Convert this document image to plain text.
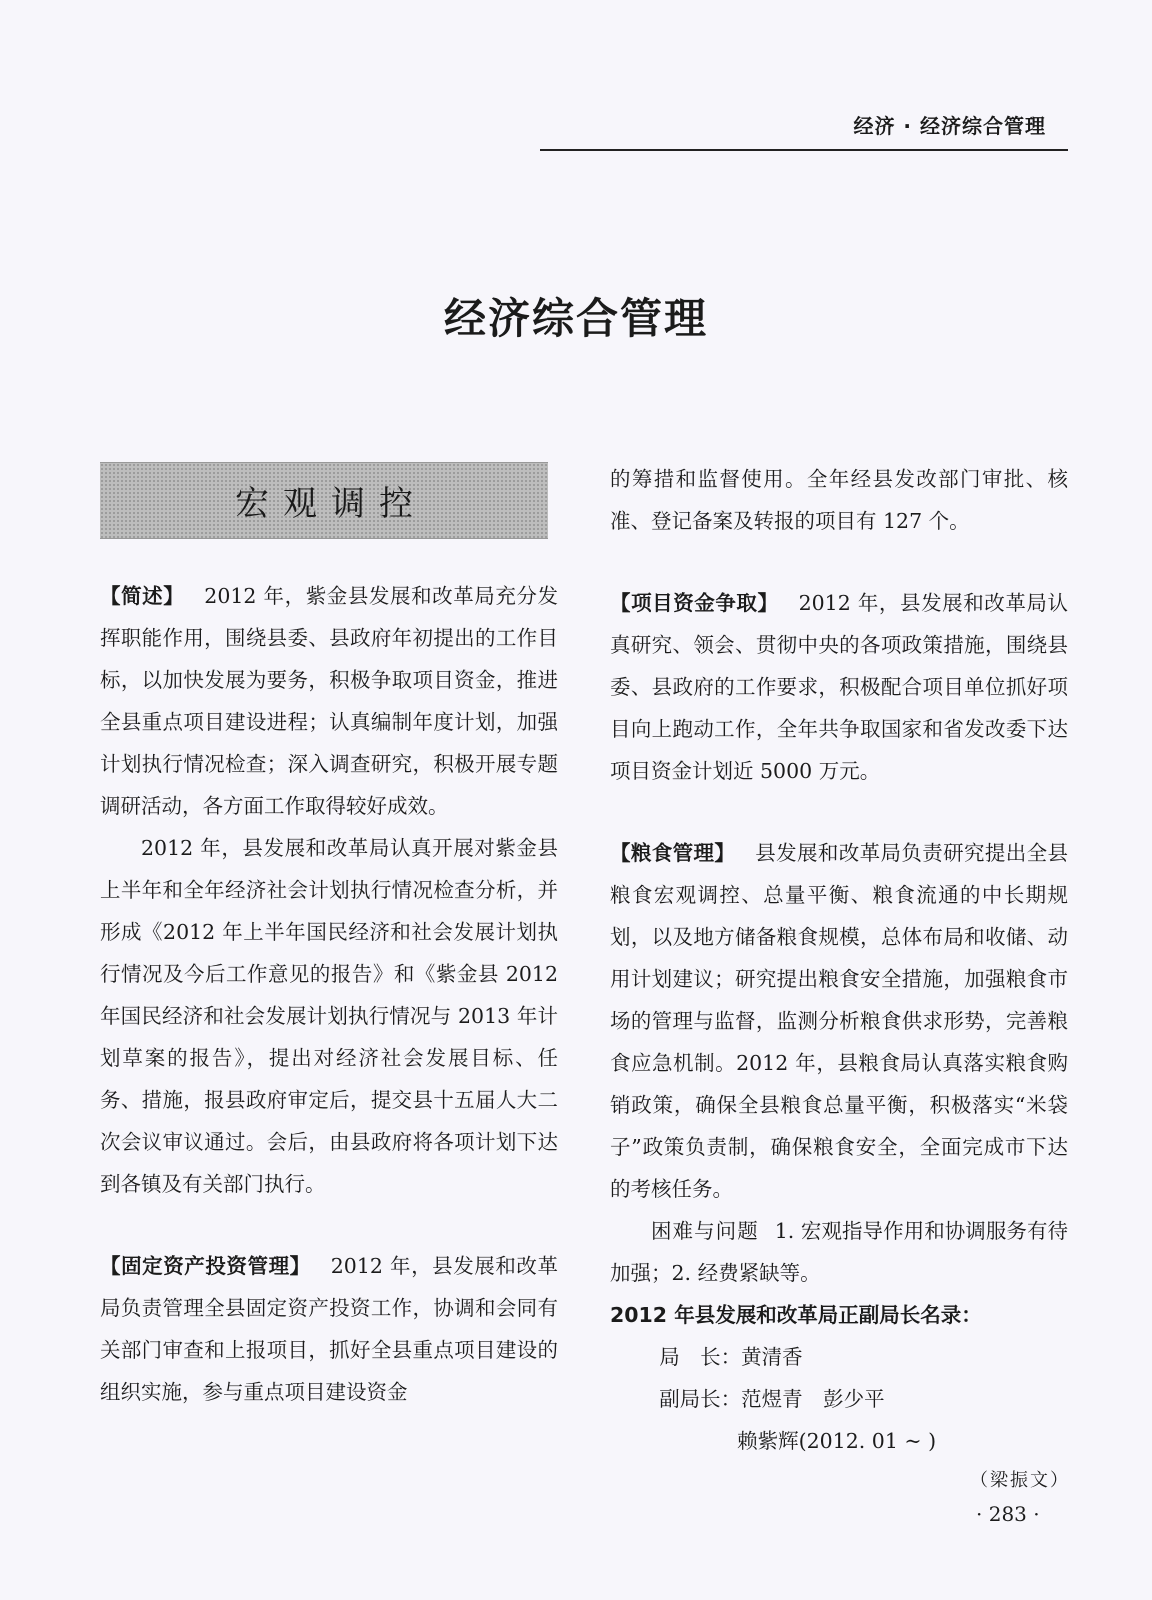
经济 · 经济综合管理
经济综合管理
宏观调控

【简述】 2012 年，紫金县发展和改革局充分发挥职能作用，围绕县委、县政府年初提出的工作目标，以加快发展为要务，积极争取项目资金，推进全县重点项目建设进程；认真编制年度计划，加强计划执行情况检查；深入调查研究，积极开展专题调研活动，各方面工作取得较好成效。

2012 年，县发展和改革局认真开展对紫金县上半年和全年经济社会计划执行情况检查分析，并形成《2012 年上半年国民经济和社会发展计划执行情况及今后工作意见的报告》和《紫金县 2012 年国民经济和社会发展计划执行情况与 2013 年计划草案的报告》，提出对经济社会发展目标、任务、措施，报县政府审定后，提交县十五届人大二次会议审议通过。会后，由县政府将各项计划下达到各镇及有关部门执行。

【固定资产投资管理】 2012 年，县发展和改革局负责管理全县固定资产投资工作，协调和会同有关部门审查和上报项目，抓好全县重点项目建设的组织实施，参与重点项目建设资金

的筹措和监督使用。全年经县发改部门审批、核准、登记备案及转报的项目有 127 个。

【项目资金争取】 2012 年，县发展和改革局认真研究、领会、贯彻中央的各项政策措施，围绕县委、县政府的工作要求，积极配合项目单位抓好项目向上跑动工作，全年共争取国家和省发改委下达项目资金计划近 5000 万元。

【粮食管理】 县发展和改革局负责研究提出全县粮食宏观调控、总量平衡、粮食流通的中长期规划，以及地方储备粮食规模，总体布局和收储、动用计划建议；研究提出粮食安全措施，加强粮食市场的管理与监督，监测分析粮食供求形势，完善粮食应急机制。2012 年，县粮食局认真落实粮食购销政策，确保全县粮食总量平衡，积极落实“米袋子”政策负责制，确保粮食安全，全面完成市下达的考核任务。

困难与问题 1. 宏观指导作用和协调服务有待加强；2. 经费紧缺等。

2012 年县发展和改革局正副局长名录：

局　长：黄清香

副局长：范煜青　彭少平

赖紫辉(2012. 01 ~ )

（梁振文）
· 283 ·
